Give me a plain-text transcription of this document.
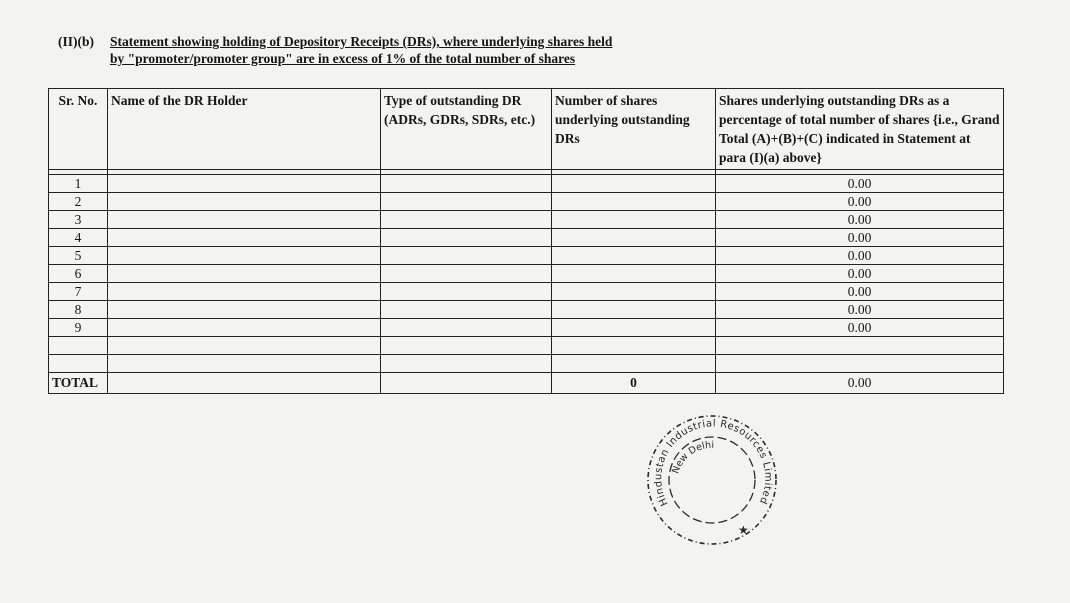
(II)(b)	Statement showing holding of Depository Receipts (DRs), where underlying shares held
by "promoter/promoter group" are in excess of 1% of the total number of shares
Sr. No.	Name of the DR Holder	Type of outstanding DR (ADRs, GDRs, SDRs, etc.)	Number of shares underlying outstanding DRs	Shares underlying outstanding DRs as a percentage of total number of shares {i.e., Grand Total (A)+(B)+(C) indicated in Statement at para (I)(a) above}

1				0.00
2				0.00
3				0.00
4				0.00
5				0.00
6				0.00
7				0.00
8				0.00
9				0.00

TOTAL			0	0.00
Hindustan Industrial Resources Limited
New Delhi
★
